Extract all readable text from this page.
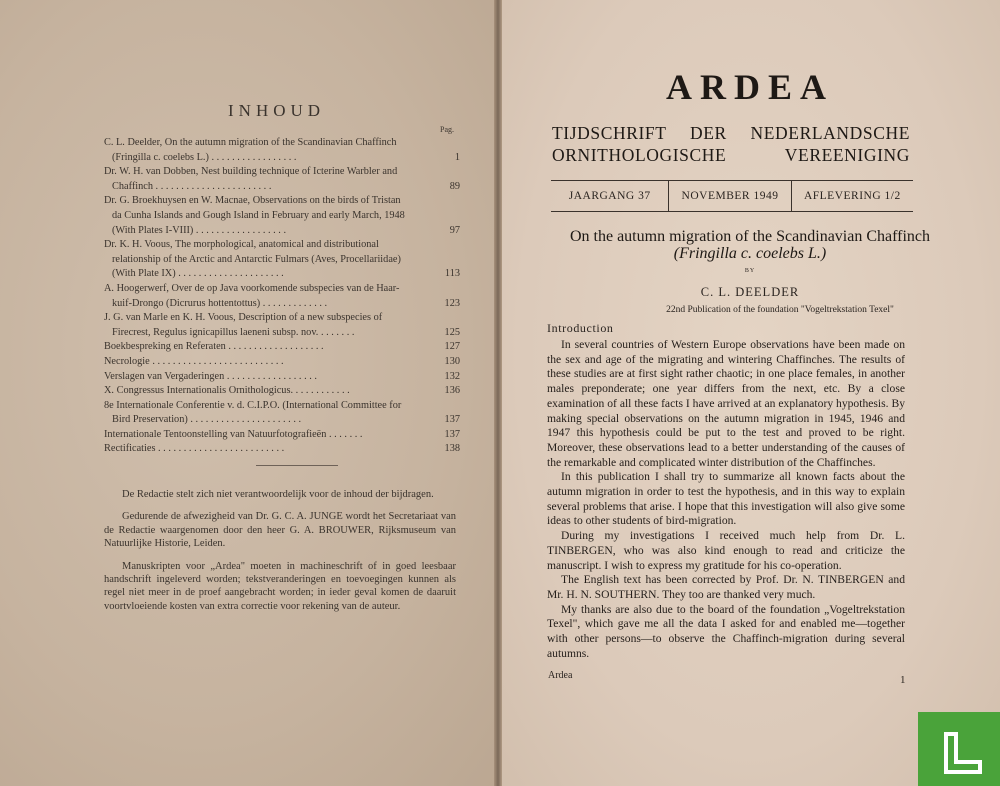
INHOUD
Pag.
C. L. Deelder, On the autumn migration of the Scandinavian Chaffinch
(Fringilla c. coelebs L.) . . . . . . . . . . . . . . . . .	1
Dr. W. H. van Dobben, Nest building technique of Icterine Warbler and
Chaffinch . . . . . . . . . . . . . . . . . . . . . . .	89
Dr. G. Broekhuysen en W. Macnae, Observations on the birds of Tristan
da Cunha Islands and Gough Island in February and early March, 1948
(With Plates I-VIII) . . . . . . . . . . . . . . . . . .	97
Dr. K. H. Voous, The morphological, anatomical and distributional
relationship of the Arctic and Antarctic Fulmars (Aves, Procellariidae)
(With Plate IX) . . . . . . . . . . . . . . . . . . . . .	113
A. Hoogerwerf, Over de op Java voorkomende subspecies van de Haar-
kuif-Drongo (Dicrurus hottentottus) . . . . . . . . . . . . .	123
J. G. van Marle en K. H. Voous, Description of a new subspecies of
Firecrest, Regulus ignicapillus laeneni subsp. nov. . . . . . . .	125
Boekbespreking en Referaten . . . . . . . . . . . . . . . . . . .	127
Necrologie . . . . . . . . . . . . . . . . . . . . . . . . . .	130
Verslagen van Vergaderingen . . . . . . . . . . . . . . . . . .	132
X. Congressus Internationalis Ornithologicus. . . . . . . . . . . .	136
8e Internationale Conferentie v. d. C.I.P.O. (International Committee for
Bird Preservation) . . . . . . . . . . . . . . . . . . . . . .	137
Internationale Tentoonstelling van Natuurfotografieën . . . . . . .	137
Rectificaties . . . . . . . . . . . . . . . . . . . . . . . . .	138

De Redactie stelt zich niet verantwoordelijk voor de inhoud der bijdragen.

Gedurende de afwezigheid van Dr. G. C. A. JUNGE wordt het Secretariaat van de Redactie waargenomen door den heer G. A. BROUWER, Rijksmuseum van Natuurlijke Historie, Leiden.

Manuskripten voor „Ardea" moeten in machineschrift of in goed leesbaar handschrift ingeleverd worden; tekstveranderingen en toevoegingen kunnen als regel niet meer in de proef aangebracht worden; in ieder geval komen de daaruit voortvloeiende kosten van extra correctie voor rekening van de auteur.

ARDEA
TIJDSCHRIFT DER NEDERLANDSCHE
ORNITHOLOGISCHE VEREENIGING
JAARGANG 37	NOVEMBER 1949	AFLEVERING 1/2
On the autumn migration of the Scandinavian Chaffinch
(Fringilla c. coelebs L.)
BY
C. L. DEELDER
22nd Publication of the foundation "Vogeltrekstation Texel"
Introduction

In several countries of Western Europe observations have been made on the sex and age of the migrating and wintering Chaffinches. The results of these studies are at first sight rather chaotic; in one place females, in another males preponderate; one year differs from the next, etc. By a close examination of all these facts I have arrived at an explanatory hypothesis. By making special observations on the autumn migration in 1945, 1946 and 1947 this hypothesis could be put to the test and proved to be right. Moreover, these observations lead to a better understanding of the causes of the remarkable and complicated winter distribution of the Chaffinches.

In this publication I shall try to summarize all known facts about the autumn migration in order to test the hypothesis, and in this way to explain several problems that arise. I hope that this investigation will also give some ideas to other students of bird-migration.

During my investigations I received much help from Dr. L. TINBERGEN, who was also kind enough to read and criticize the manuscript. I wish to express my gratitude for his co-operation.

The English text has been corrected by Prof. Dr. N. TINBERGEN and Mr. H. N. SOUTHERN. They too are thanked very much.

My thanks are also due to the board of the foundation „Vogeltrekstation Texel", which gave me all the data I asked for and enabled me—together with other persons—to observe the Chaffinch-migration during several autumns.

Ardea	1
